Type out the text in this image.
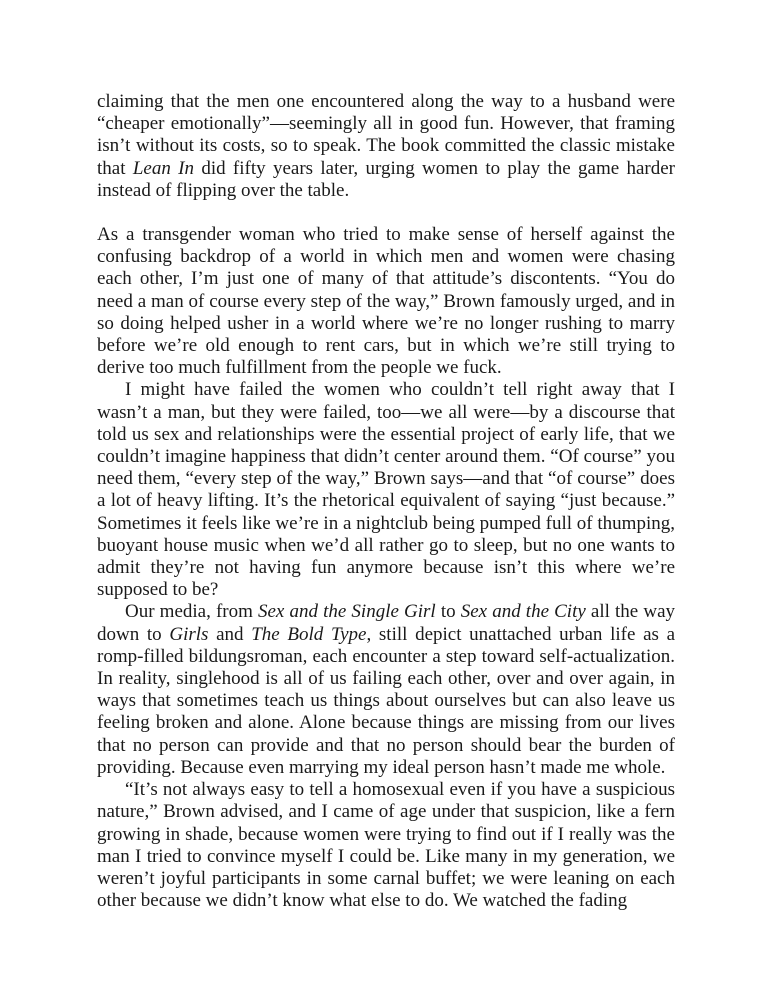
claiming that the men one encountered along the way to a husband were “cheaper emotionally”—seemingly all in good fun. However, that framing isn’t without its costs, so to speak. The book committed the classic mistake that Lean In did fifty years later, urging women to play the game harder instead of flipping over the table.

As a transgender woman who tried to make sense of herself against the confusing backdrop of a world in which men and women were chasing each other, I’m just one of many of that attitude’s discontents. “You do need a man of course every step of the way,” Brown famously urged, and in so doing helped usher in a world where we’re no longer rushing to marry before we’re old enough to rent cars, but in which we’re still trying to derive too much fulfillment from the people we fuck.

I might have failed the women who couldn’t tell right away that I wasn’t a man, but they were failed, too—we all were—by a discourse that told us sex and relationships were the essential project of early life, that we couldn’t imagine happiness that didn’t center around them. “Of course” you need them, “every step of the way,” Brown says—and that “of course” does a lot of heavy lifting. It’s the rhetorical equivalent of saying “just because.” Sometimes it feels like we’re in a nightclub being pumped full of thumping, buoyant house music when we’d all rather go to sleep, but no one wants to admit they’re not having fun anymore because isn’t this where we’re supposed to be?

Our media, from Sex and the Single Girl to Sex and the City all the way down to Girls and The Bold Type, still depict unattached urban life as a romp-filled bildungsroman, each encounter a step toward self-actualization. In reality, singlehood is all of us failing each other, over and over again, in ways that sometimes teach us things about ourselves but can also leave us feeling broken and alone. Alone because things are missing from our lives that no person can provide and that no person should bear the burden of providing. Because even marrying my ideal person hasn’t made me whole.

“It’s not always easy to tell a homosexual even if you have a suspicious nature,” Brown advised, and I came of age under that suspicion, like a fern growing in shade, because women were trying to find out if I really was the man I tried to convince myself I could be. Like many in my generation, we weren’t joyful participants in some carnal buffet; we were leaning on each other because we didn’t know what else to do. We watched the fading
